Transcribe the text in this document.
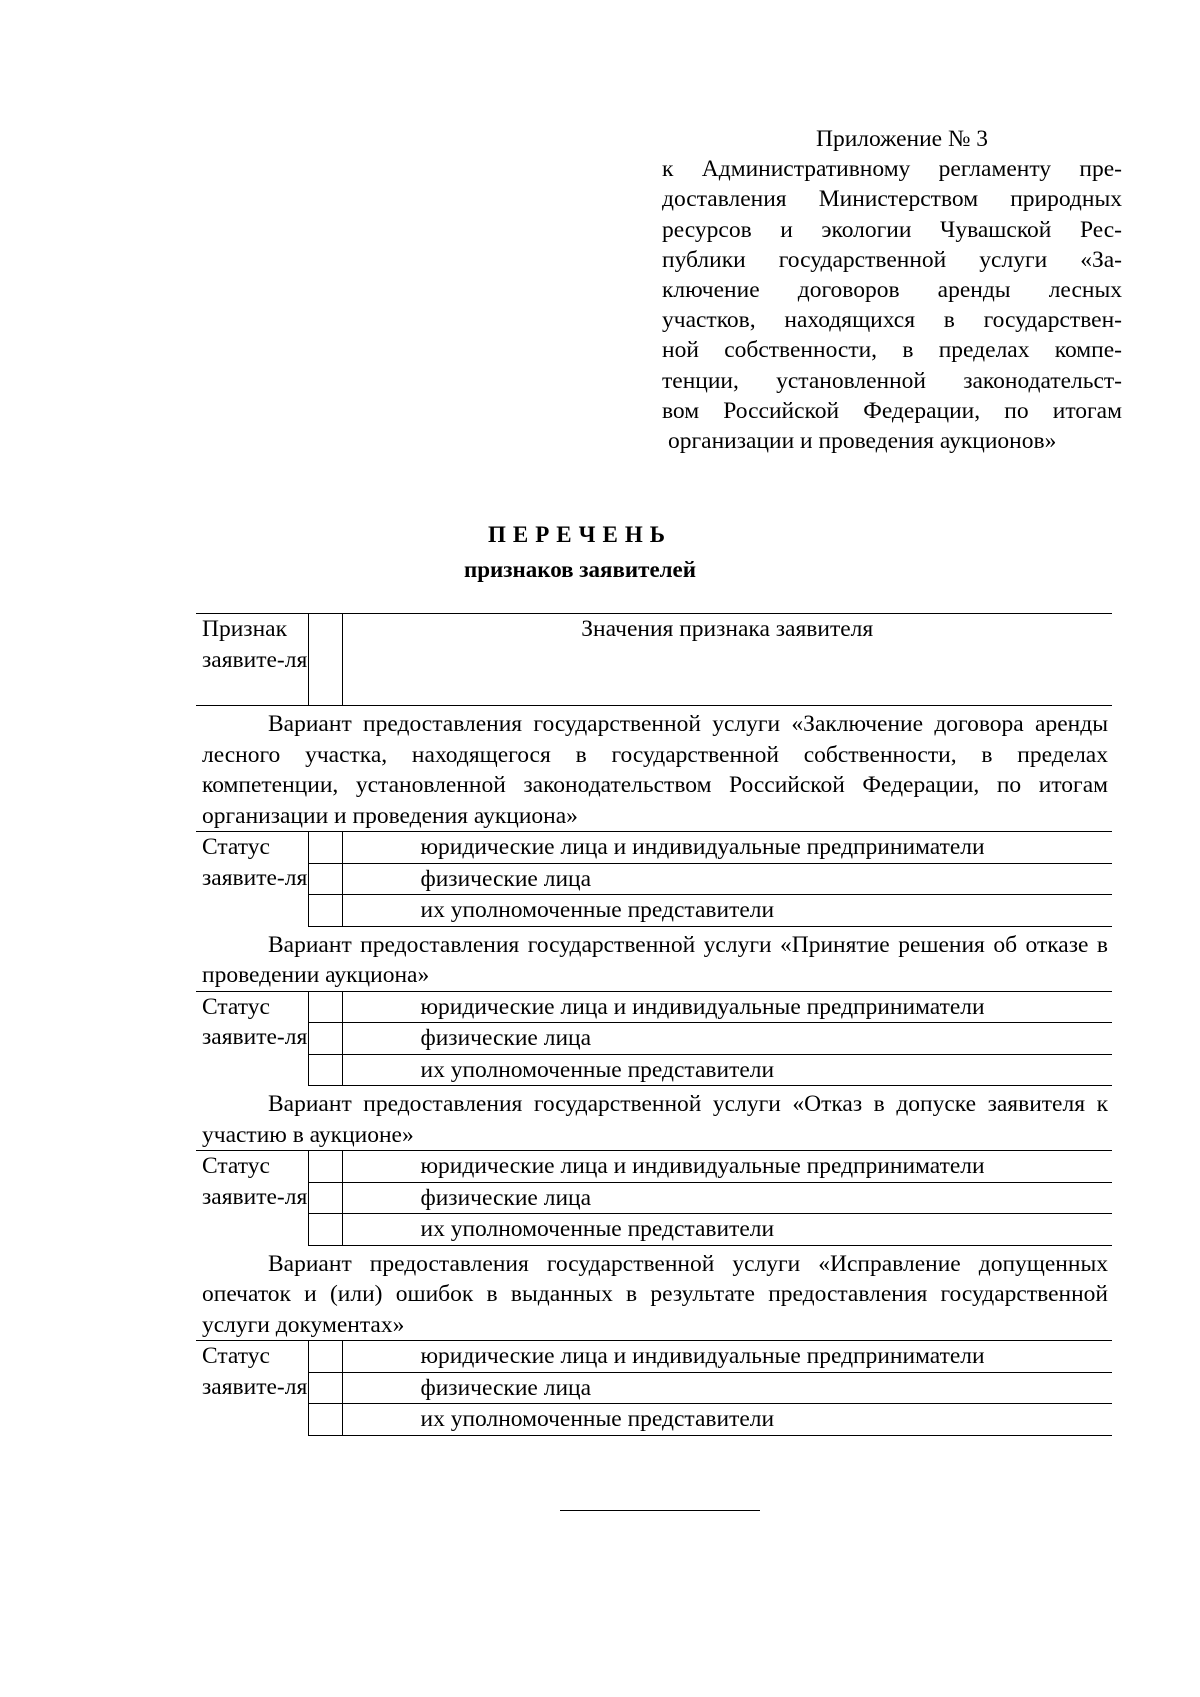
Приложение № 3
к Административному регламенту пре-
доставления Министерством природных
ресурсов и экологии Чувашской Рес-
публики государственной услуги «За-
ключение договоров аренды лесных
участков, находящихся в государствен-
ной собственности, в пределах компе-
тенции, установленной законодательст-
вом Российской Федерации, по итогам
организации и проведения аукционов»
ПЕРЕЧЕНЬ
признаков заявителей
Признак заявите-ля		Значения признака заявителя
Вариант предоставления государственной услуги «Заключение договора аренды лесного участка, находящегося в государственной собственности, в пределах компетенции, установленной законодательством Российской Федерации, по итогам организации и проведения аукциона»		
Статус заявите-ля		юридические лица и индивидуальные предприниматели
		физические лица
		их уполномоченные представители
Вариант предоставления государственной услуги «Принятие решения об отказе в проведении аукциона»		
Статус заявите-ля		юридические лица и индивидуальные предприниматели
		физические лица
		их уполномоченные представители
Вариант предоставления государственной услуги «Отказ в допуске заявителя к участию в аукционе»		
Статус заявите-ля		юридические лица и индивидуальные предприниматели
		физические лица
		их уполномоченные представители
Вариант предоставления государственной услуги «Исправление допущенных опечаток и (или) ошибок в выданных в результате предоставления государственной услуги документах»		
Статус заявите-ля		юридические лица и индивидуальные предприниматели
		физические лица
		их уполномоченные представители
